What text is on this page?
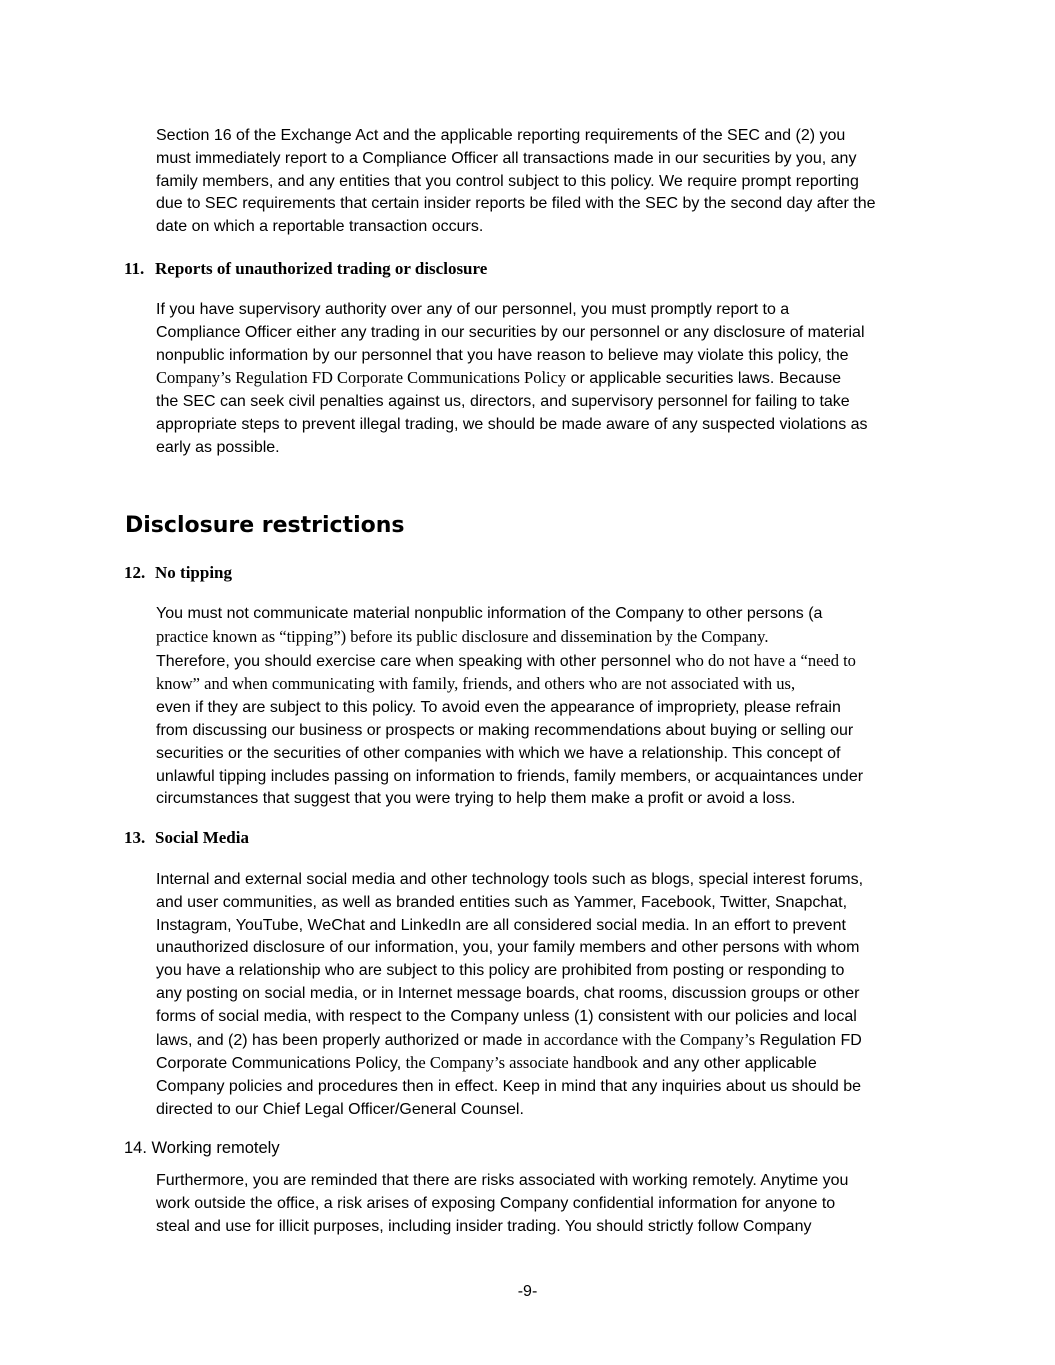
Section 16 of the Exchange Act and the applicable reporting requirements of the SEC and (2) you
must immediately report to a Compliance Officer all transactions made in our securities by you, any
family members, and any entities that you control subject to this policy. We require prompt reporting
due to SEC requirements that certain insider reports be filed with the SEC by the second day after the
date on which a reportable transaction occurs.
11. Reports of unauthorized trading or disclosure
If you have supervisory authority over any of our personnel, you must promptly report to a
Compliance Officer either any trading in our securities by our personnel or any disclosure of material
nonpublic information by our personnel that you have reason to believe may violate this policy, the
Company’s Regulation FD Corporate Communications Policy or applicable securities laws. Because
the SEC can seek civil penalties against us, directors, and supervisory personnel for failing to take
appropriate steps to prevent illegal trading, we should be made aware of any suspected violations as
early as possible.
Disclosure restrictions
12. No tipping
You must not communicate material nonpublic information of the Company to other persons (a
practice known as “tipping”) before its public disclosure and dissemination by the Company.
Therefore, you should exercise care when speaking with other personnel who do not have a “need to
know” and when communicating with family, friends, and others who are not associated with us,
even if they are subject to this policy. To avoid even the appearance of impropriety, please refrain
from discussing our business or prospects or making recommendations about buying or selling our
securities or the securities of other companies with which we have a relationship. This concept of
unlawful tipping includes passing on information to friends, family members, or acquaintances under
circumstances that suggest that you were trying to help them make a profit or avoid a loss.
13. Social Media
Internal and external social media and other technology tools such as blogs, special interest forums,
and user communities, as well as branded entities such as Yammer, Facebook, Twitter, Snapchat,
Instagram, YouTube, WeChat and LinkedIn are all considered social media. In an effort to prevent
unauthorized disclosure of our information, you, your family members and other persons with whom
you have a relationship who are subject to this policy are prohibited from posting or responding to
any posting on social media, or in Internet message boards, chat rooms, discussion groups or other
forms of social media, with respect to the Company unless (1) consistent with our policies and local
laws, and (2) has been properly authorized or made in accordance with the Company’s Regulation FD
Corporate Communications Policy, the Company’s associate handbook and any other applicable
Company policies and procedures then in effect. Keep in mind that any inquiries about us should be
directed to our Chief Legal Officer/General Counsel.
14. Working remotely
Furthermore, you are reminded that there are risks associated with working remotely. Anytime you
work outside the office, a risk arises of exposing Company confidential information for anyone to
steal and use for illicit purposes, including insider trading. You should strictly follow Company
-9-
